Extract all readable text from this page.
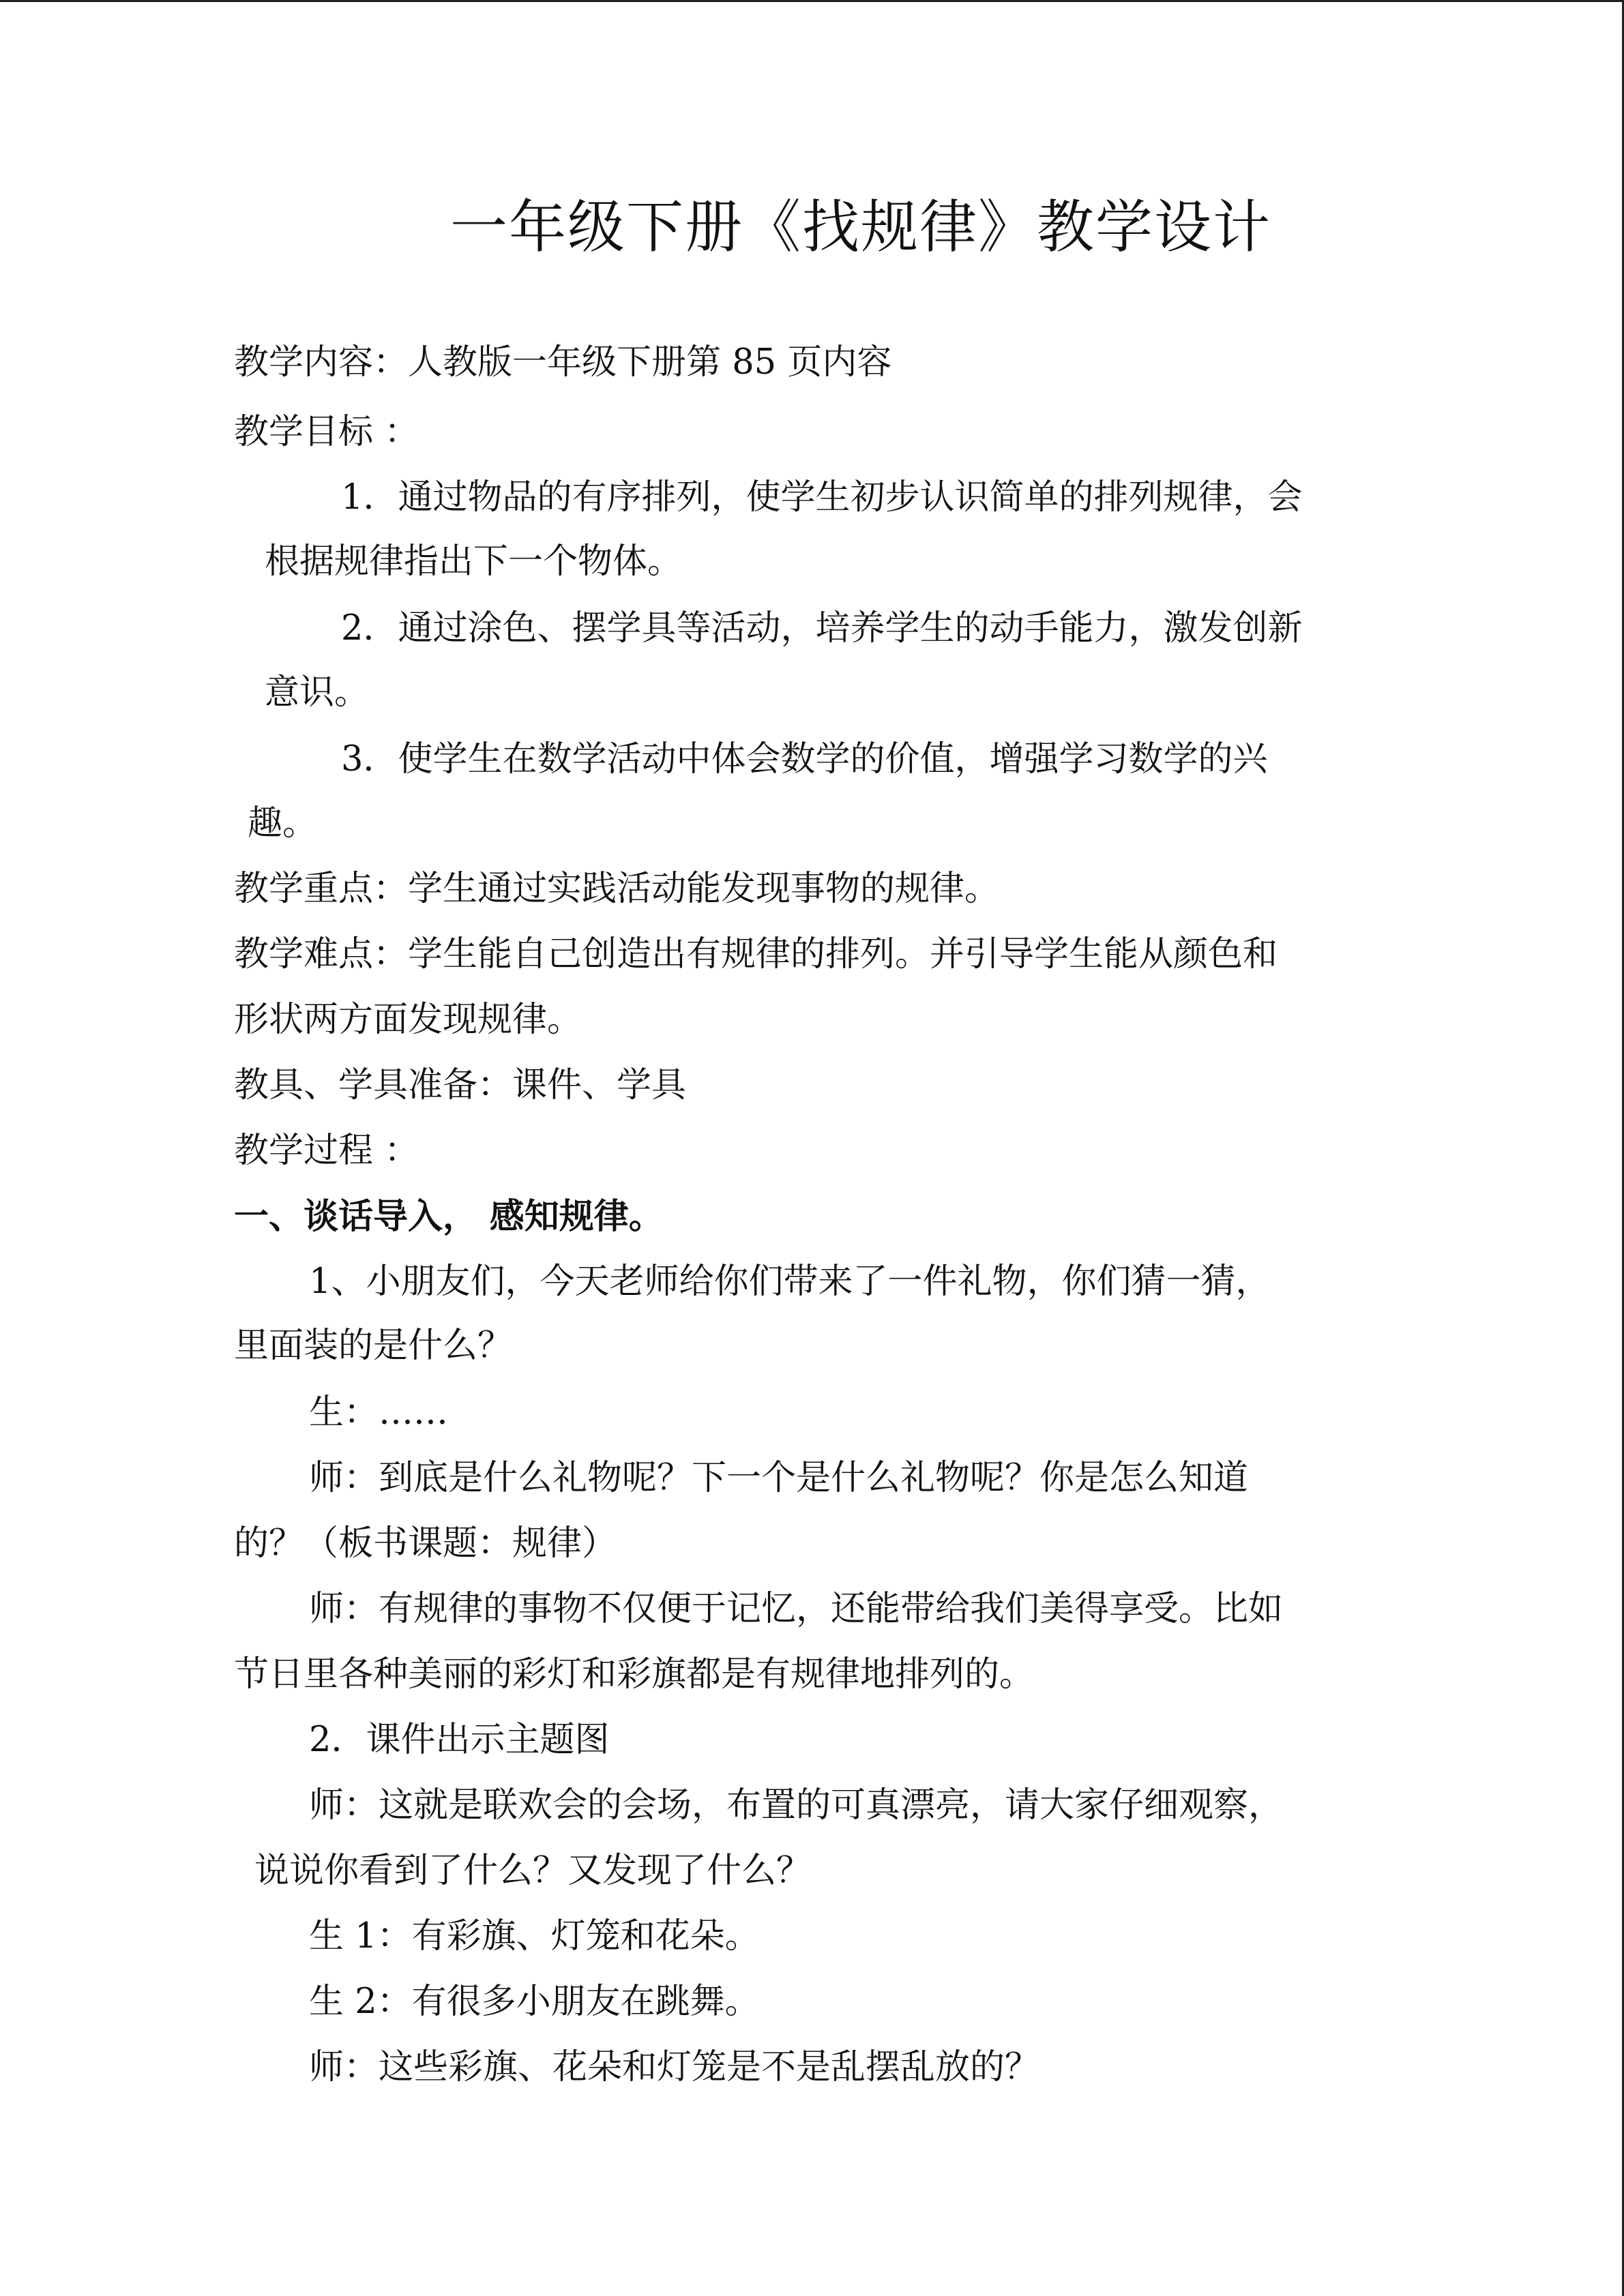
一年级下册《找规律》教学设计
教学内容：人教版一年级下册第 85 页内容
教学目标 ：
1．通过物品的有序排列，使学生初步认识简单的排列规律，会
根据规律指出下一个物体。
2．通过涂色、摆学具等活动，培养学生的动手能力，激发创新
意识。
3．使学生在数学活动中体会数学的价值，增强学习数学的兴
趣。
教学重点：学生通过实践活动能发现事物的规律。
教学难点：学生能自己创造出有规律的排列。并引导学生能从颜色和
形状两方面发现规律。
教具、学具准备：课件、学具
教学过程 ：
一、谈话导入， 感知规律。
1、小朋友们，今天老师给你们带来了一件礼物，你们猜一猜，
里面装的是什么？
生：……
师：到底是什么礼物呢？下一个是什么礼物呢？你是怎么知道
的？（板书课题：规律）
师：有规律的事物不仅便于记忆，还能带给我们美得享受。比如
节日里各种美丽的彩灯和彩旗都是有规律地排列的。
2．课件出示主题图
师：这就是联欢会的会场，布置的可真漂亮，请大家仔细观察，
说说你看到了什么？又发现了什么？
生 1：有彩旗、灯笼和花朵。
生 2：有很多小朋友在跳舞。
师：这些彩旗、花朵和灯笼是不是乱摆乱放的？
